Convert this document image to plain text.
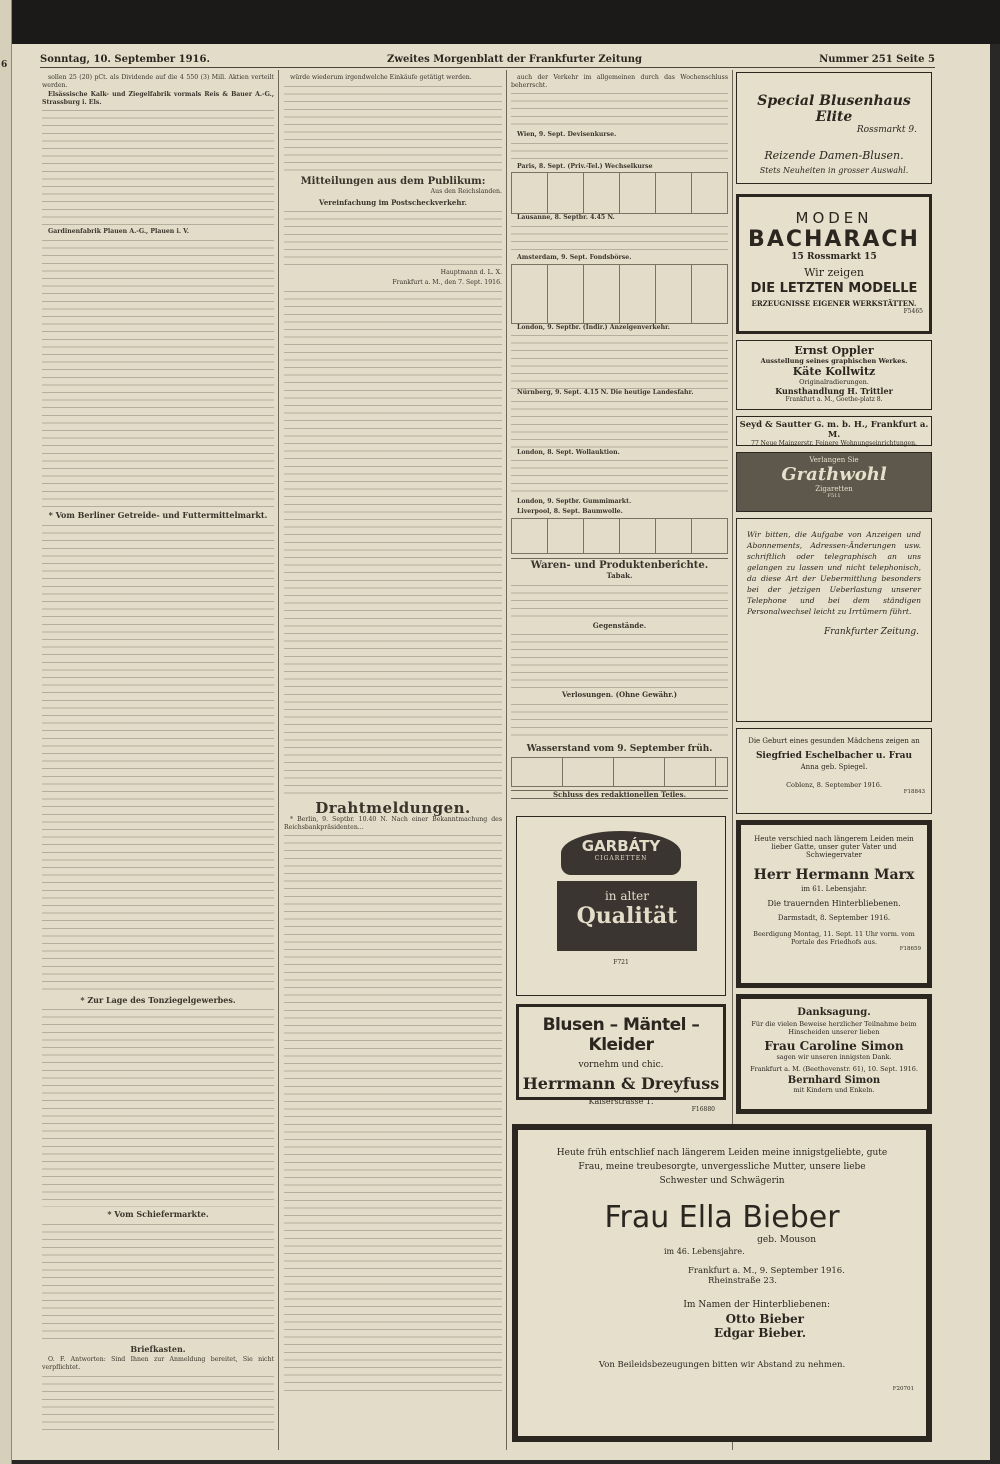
6	Sonntag, 10. September 1916.	Zweites Morgenblatt der Frankfurter Zeitung	Nummer 251 Seite 5

sollen 25 (20) pCt. als Dividende auf die 4 550 (3) Mill. Aktien verteilt werden.

Elsässische Kalk- und Ziegelfabrik vormals Reis & Bauer A.-G., Strassburg i. Els.

Gardinenfabrik Plauen A.-G., Plauen i. V.

* Vom Berliner Getreide- und Futtermittelmarkt.
* Zur Lage des Tonziegelgewerbes.
* Vom Schiefermarkte.
Briefkasten.

O. F. Antworten: Sind Ihnen zur Anmeldung bereitet, Sie nicht verpflichtet.

würde wiederum irgendwelche Einkäufe getätigt werden.

Mitteilungen aus dem Publikum:

Aus den Reichslanden.

Vereinfachung im Postscheckverkehr.

Hauptmann d. L. X.

Frankfurt a. M., den 7. Sept. 1916.

Drahtmeldungen.

* Berlin, 9. Septbr. 10.40 N. Nach einer Bekanntmachung des Reichsbankpräsidenten...

auch der Verkehr im allgemeinen durch das Wochenschluss beherrscht.

Wien, 9. Sept. Devisenkurse.

Paris, 8. Sept. (Priv.-Tel.) Wechselkurse

Lausanne, 8. Septbr. 4.45 N.

Amsterdam, 9. Sept. Fondsbörse.

London, 9. Septbr. (Indir.) Anzeigenverkehr.

Nürnberg, 9. Sept. 4.15 N. Die heutige Landesfahr.

London, 8. Sept. Wollauktion.

London, 9. Septbr. Gummimarkt.

Liverpool, 8. Sept. Baumwolle.

Waren- und Produktenberichte.
Tabak.
Gegenstände.
Verlosungen. (Ohne Gewähr.)
Wasserstand vom 9. September früh.
Schluss des redaktionellen Teiles.
GARBÁTY
CIGARETTEN
in alter
Qualität
F721
Blusen – Mäntel – Kleider
vornehm und chic.
Herrmann & Dreyfuss
Kaiserstrasse 1.
F16880
Special Blusenhaus Elite
Rossmarkt 9.
Reizende Damen-Blusen.
Stets Neuheiten in grosser Auswahl.
MODEN
BACHARACH
15 Rossmarkt 15
Wir zeigen
DIE LETZTEN MODELLE
ERZEUGNISSE EIGENER WERKSTÄTTEN.
F5465
Ernst Oppler
Ausstellung seines graphischen Werkes.
Käte Kollwitz
Originalradierungen.
Kunsthandlung H. Trittler
Frankfurt a. M., Goethe-platz 8.
Seyd & Sautter G. m. b. H., Frankfurt a. M.
77 Neue Mainzerstr. Feinere Wohnungseinrichtungen.
Verlangen Sie
Grathwohl
Zigaretten
F511
Wir bitten, die Aufgabe von Anzeigen und Abonnements, Adressen-Änderungen usw. schriftlich oder telegraphisch an uns gelangen zu lassen und nicht telephonisch, da diese Art der Uebermittlung besonders bei der jetzigen Ueberlastung unserer Telephone und bei dem ständigen Personalwechsel leicht zu Irrtümern führt.
Frankfurter Zeitung.
Die Geburt eines gesunden Mädchens zeigen an
Siegfried Eschelbacher u. Frau
Anna geb. Spiegel.
Coblenz, 8. September 1916.
F18843
Heute verschied nach längerem Leiden mein lieber Gatte, unser guter Vater und Schwiegervater
Herr Hermann Marx
im 61. Lebensjahr.
Die trauernden Hinterbliebenen.
Darmstadt, 8. September 1916.
Beerdigung Montag, 11. Sept. 11 Uhr vorm. vom Portale des Friedhofs aus.
F18659
Danksagung.
Für die vielen Beweise herzlicher Teilnahme beim Hinscheiden unserer lieben
Frau Caroline Simon
sagen wir unseren innigsten Dank.
Frankfurt a. M. (Beethovenstr. 61), 10. Sept. 1916.
Bernhard Simon
mit Kindern und Enkeln.
Heute früh entschlief nach längerem Leiden meine innigstgeliebte, gute Frau, meine treubesorgte, unvergessliche Mutter, unsere liebe Schwester und Schwägerin
Frau Ella Bieber
geb. Mouson
im 46. Lebensjahre.
Frankfurt a. M., 9. September 1916.
Rheinstraße 23.
Im Namen der Hinterbliebenen:
Otto Bieber
Edgar Bieber.
Von Beileidsbezeugungen bitten wir Abstand zu nehmen.
F20701
